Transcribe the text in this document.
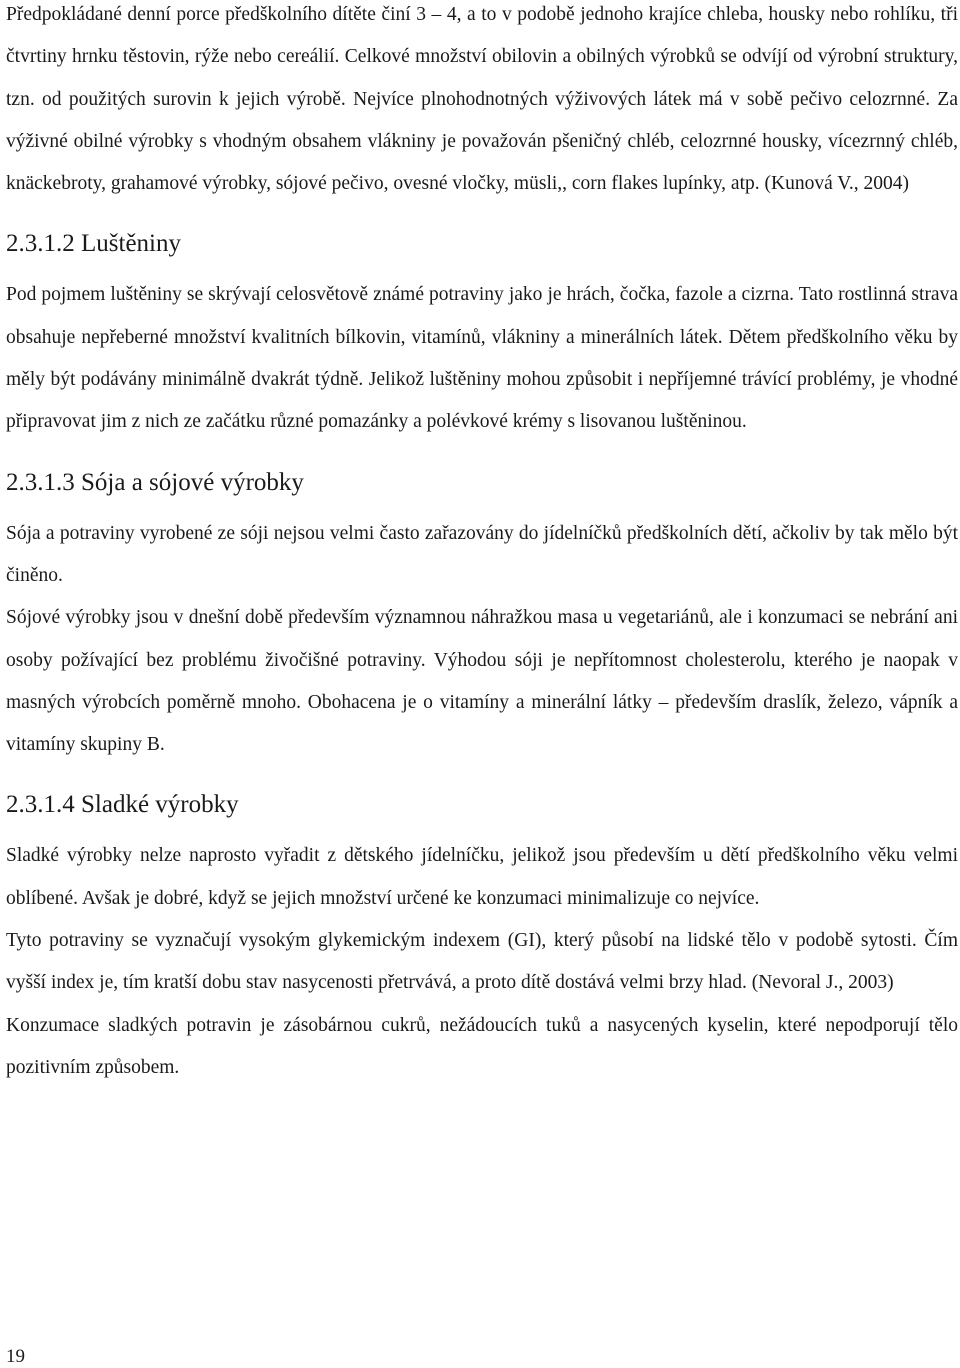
Předpokládané denní porce předškolního dítěte činí 3 – 4, a to v podobě jednoho krajíce chleba, housky nebo rohlíku, tři čtvrtiny hrnku těstovin, rýže nebo cereálií. Celkové množství obilovin a obilných výrobků se odvíjí od výrobní struktury, tzn. od použitých surovin k jejich výrobě. Nejvíce plnohodnotných výživových látek má v sobě pečivo celozrnné. Za výživné obilné výrobky s vhodným obsahem vlákniny je považován pšeničný chléb, celozrnné housky, vícezrnný chléb, knäckebroty, grahamové výrobky, sójové pečivo, ovesné vločky, müsli,, corn flakes lupínky, atp. (Kunová V., 2004)

2.3.1.2 Luštěniny

Pod pojmem luštěniny se skrývají celosvětově známé potraviny jako je hrách, čočka, fazole a cizrna. Tato rostlinná strava obsahuje nepřeberné množství kvalitních bílkovin, vitamínů, vlákniny a minerálních látek. Dětem předškolního věku by měly být podávány minimálně dvakrát týdně. Jelikož luštěniny mohou způsobit i nepříjemné trávící problémy, je vhodné připravovat jim z nich ze začátku různé pomazánky a polévkové krémy s lisovanou luštěninou.

2.3.1.3 Sója a sójové výrobky

Sója a potraviny vyrobené ze sóji nejsou velmi často zařazovány do jídelníčků předškolních dětí, ačkoliv by tak mělo být činěno.

Sójové výrobky jsou v dnešní době především významnou náhražkou masa u vegetariánů, ale i konzumaci se nebrání ani osoby požívající bez problému živočišné potraviny. Výhodou sóji je nepřítomnost cholesterolu, kterého je naopak v masných výrobcích poměrně mnoho. Obohacena je o vitamíny a minerální látky – především draslík, železo, vápník a vitamíny skupiny B.

2.3.1.4 Sladké výrobky

Sladké výrobky nelze naprosto vyřadit z dětského jídelníčku, jelikož jsou především u dětí předškolního věku velmi oblíbené. Avšak je dobré, když se jejich množství určené ke konzumaci minimalizuje co nejvíce.

Tyto potraviny se vyznačují vysokým glykemickým indexem (GI), který působí na lidské tělo v podobě sytosti. Čím vyšší index je, tím kratší dobu stav nasycenosti přetrvává, a proto dítě dostává velmi brzy hlad. (Nevoral J., 2003)

Konzumace sladkých potravin je zásobárnou cukrů, nežádoucích tuků a nasycených kyselin, které nepodporují tělo pozitivním způsobem.

19
